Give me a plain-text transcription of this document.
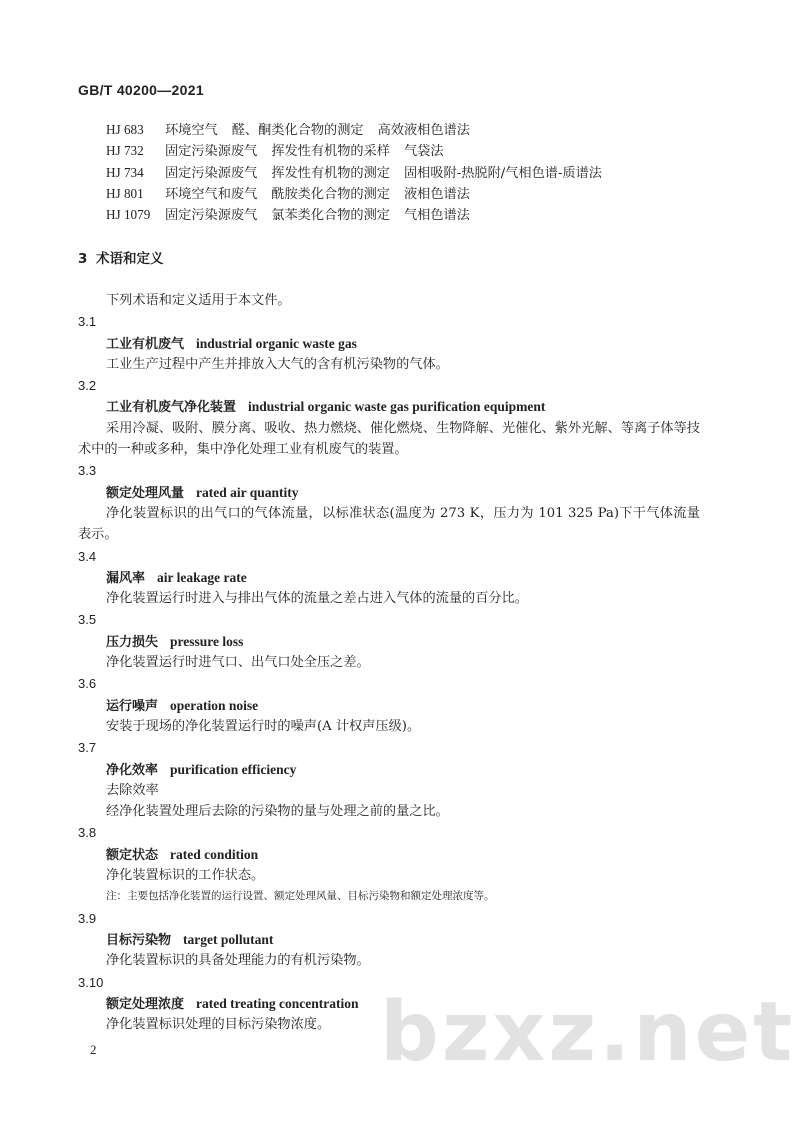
GB/T 40200—2021
HJ 683 环境空气 醛、酮类化合物的测定 高效液相色谱法
HJ 732 固定污染源废气 挥发性有机物的采样 气袋法
HJ 734 固定污染源废气 挥发性有机物的测定 固相吸附-热脱附/气相色谱-质谱法
HJ 801 环境空气和废气 酰胺类化合物的测定 液相色谱法
HJ 1079 固定污染源废气 氯苯类化合物的测定 气相色谱法
3 术语和定义
下列术语和定义适用于本文件。
3.1
工业有机废气 industrial organic waste gas
工业生产过程中产生并排放入大气的含有机污染物的气体。
3.2
工业有机废气净化装置 industrial organic waste gas purification equipment
采用冷凝、吸附、膜分离、吸收、热力燃烧、催化燃烧、生物降解、光催化、紫外光解、等离子体等技术中的一种或多种，集中净化处理工业有机废气的装置。
3.3
额定处理风量 rated air quantity
净化装置标识的出气口的气体流量，以标准状态(温度为 273 K，压力为 101 325 Pa)下干气体流量表示。
3.4
漏风率 air leakage rate
净化装置运行时进入与排出气体的流量之差占进入气体的流量的百分比。
3.5
压力损失 pressure loss
净化装置运行时进气口、出气口处全压之差。
3.6
运行噪声 operation noise
安装于现场的净化装置运行时的噪声(A 计权声压级)。
3.7
净化效率 purification efficiency
去除效率
经净化装置处理后去除的污染物的量与处理之前的量之比。
3.8
额定状态 rated condition
净化装置标识的工作状态。
注：主要包括净化装置的运行设置、额定处理风量、目标污染物和额定处理浓度等。
3.9
目标污染物 target pollutant
净化装置标识的具备处理能力的有机污染物。
3.10
额定处理浓度 rated treating concentration
净化装置标识处理的目标污染物浓度。
2	bzxz.net
